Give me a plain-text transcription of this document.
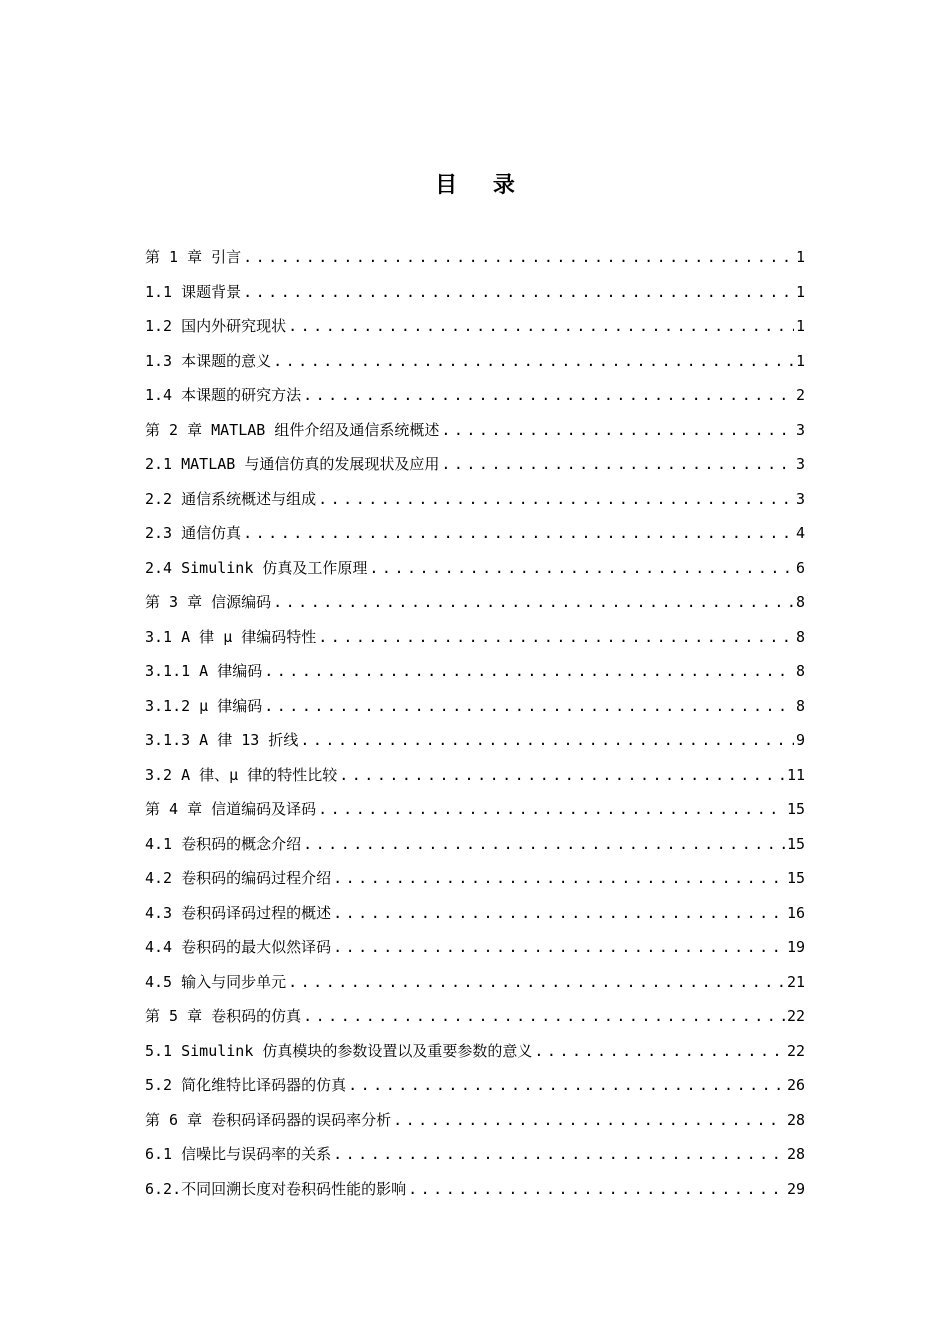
目 录
第 1 章 引言 .....	1
1.1 课题背景 .....	1
1.2 国内外研究现状 .....	1
1.3 本课题的意义 .....	1
1.4 本课题的研究方法 .....	2
第 2 章 MATLAB 组件介绍及通信系统概述 .....	3
2.1 MATLAB 与通信仿真的发展现状及应用 .....	3
2.2 通信系统概述与组成 .....	3
2.3 通信仿真 .....	4
2.4 Simulink 仿真及工作原理 .....	6
第 3 章 信源编码 .....	8
3.1 A 律 μ 律编码特性 .....	8
3.1.1 A 律编码 .....	8
3.1.2 μ 律编码 .....	8
3.1.3 A 律 13 折线 .....	9
3.2 A 律、μ 律的特性比较 .....	11
第 4 章 信道编码及译码 .....	15
4.1 卷积码的概念介绍 .....	15
4.2 卷积码的编码过程介绍 .....	15
4.3 卷积码译码过程的概述 .....	16
4.4 卷积码的最大似然译码 .....	19
4.5 输入与同步单元 .....	21
第 5 章 卷积码的仿真 .....	22
5.1 Simulink 仿真模块的参数设置以及重要参数的意义 .....	22
5.2 简化维特比译码器的仿真 .....	26
第 6 章 卷积码译码器的误码率分析 .....	28
6.1 信噪比与误码率的关系 .....	28
6.2.不同回溯长度对卷积码性能的影响 .....	29
